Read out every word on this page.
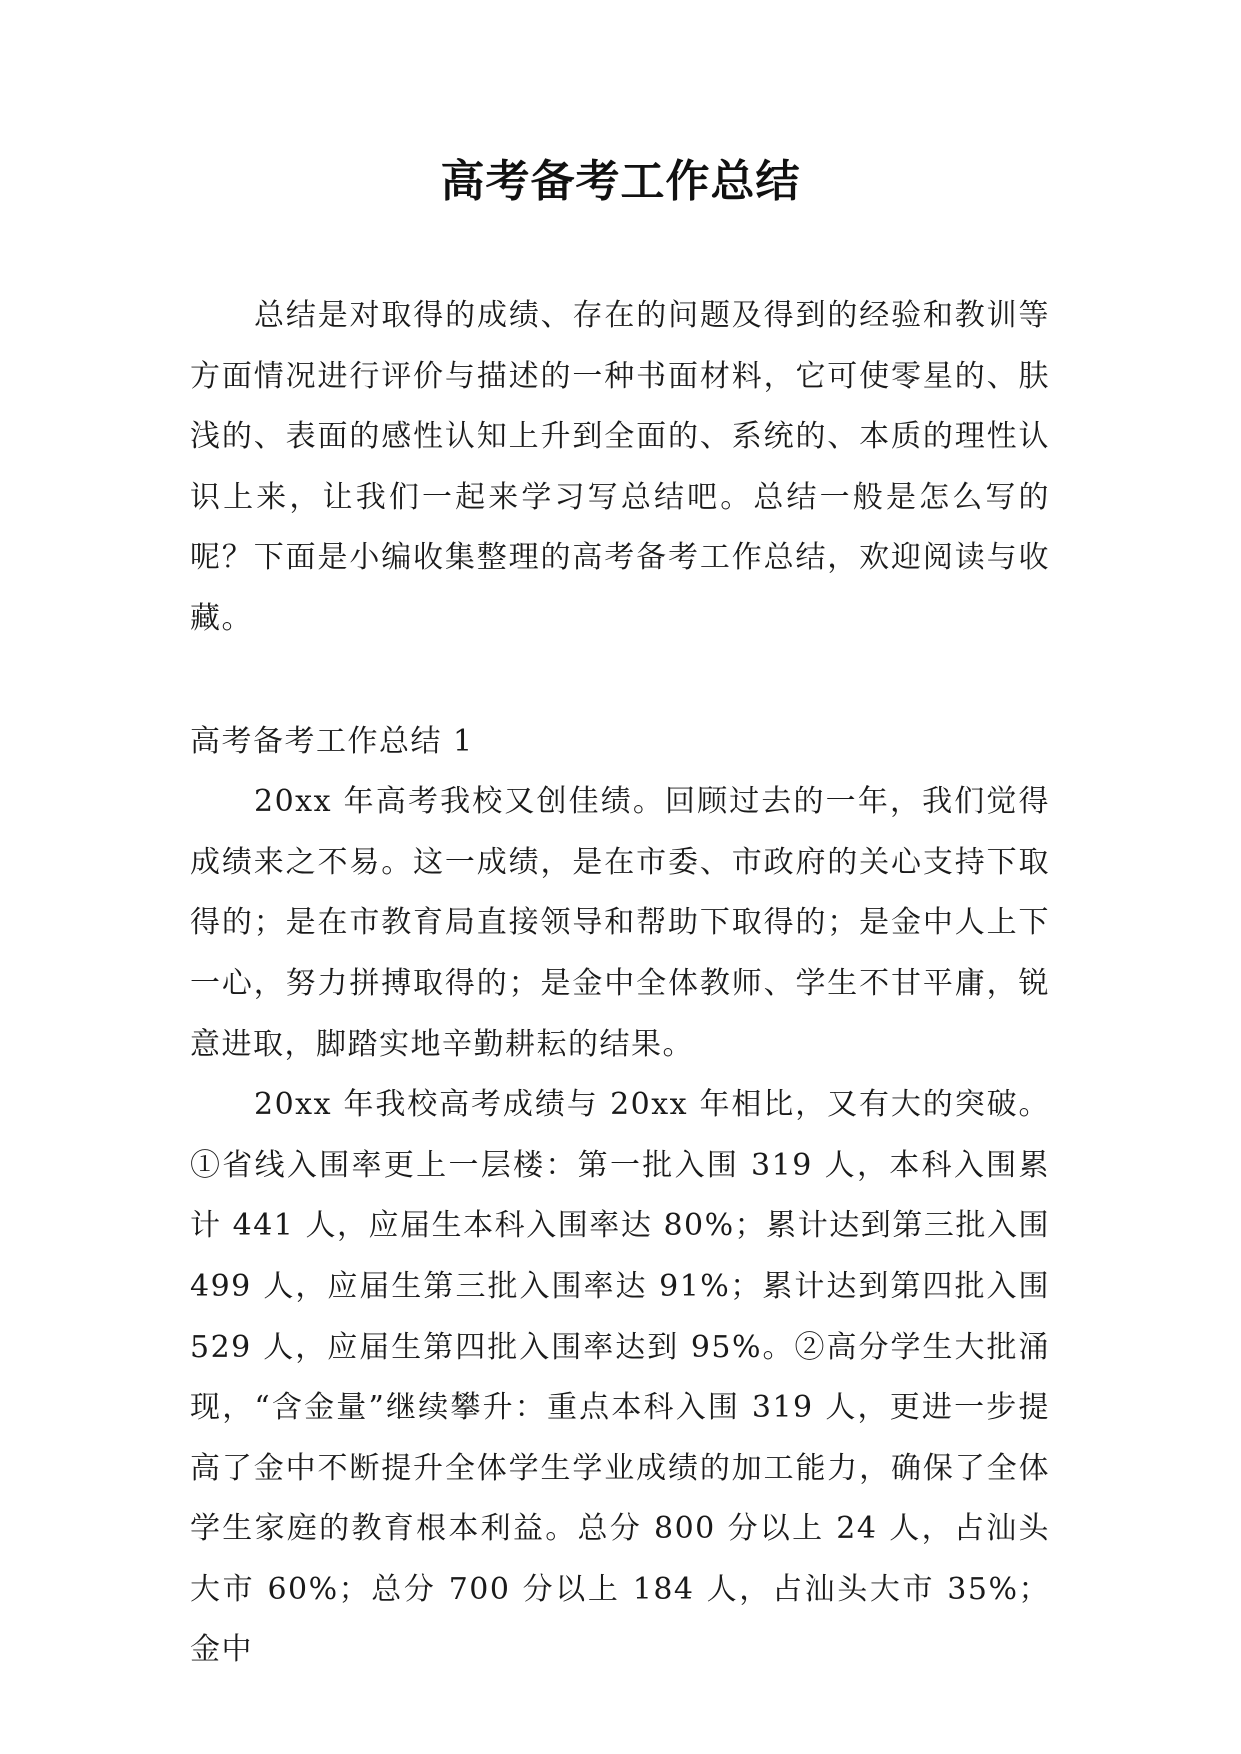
高考备考工作总结

总结是对取得的成绩、存在的问题及得到的经验和教训等方面情况进行评价与描述的一种书面材料，它可使零星的、肤浅的、表面的感性认知上升到全面的、系统的、本质的理性认识上来，让我们一起来学习写总结吧。总结一般是怎么写的呢？下面是小编收集整理的高考备考工作总结，欢迎阅读与收藏。

高考备考工作总结 1

20xx 年高考我校又创佳绩。回顾过去的一年，我们觉得成绩来之不易。这一成绩，是在市委、市政府的关心支持下取得的；是在市教育局直接领导和帮助下取得的；是金中人上下一心，努力拼搏取得的；是金中全体教师、学生不甘平庸，锐意进取，脚踏实地辛勤耕耘的结果。

20xx 年我校高考成绩与 20xx 年相比，又有大的突破。①省线入围率更上一层楼：第一批入围 319 人，本科入围累计 441 人，应届生本科入围率达 80%；累计达到第三批入围 499 人，应届生第三批入围率达 91%；累计达到第四批入围 529 人，应届生第四批入围率达到 95%。②高分学生大批涌现，“含金量”继续攀升：重点本科入围 319 人，更进一步提高了金中不断提升全体学生学业成绩的加工能力，确保了全体学生家庭的教育根本利益。总分 800 分以上 24 人，占汕头大市 60%；总分 700 分以上 184 人，占汕头大市 35%；金中
